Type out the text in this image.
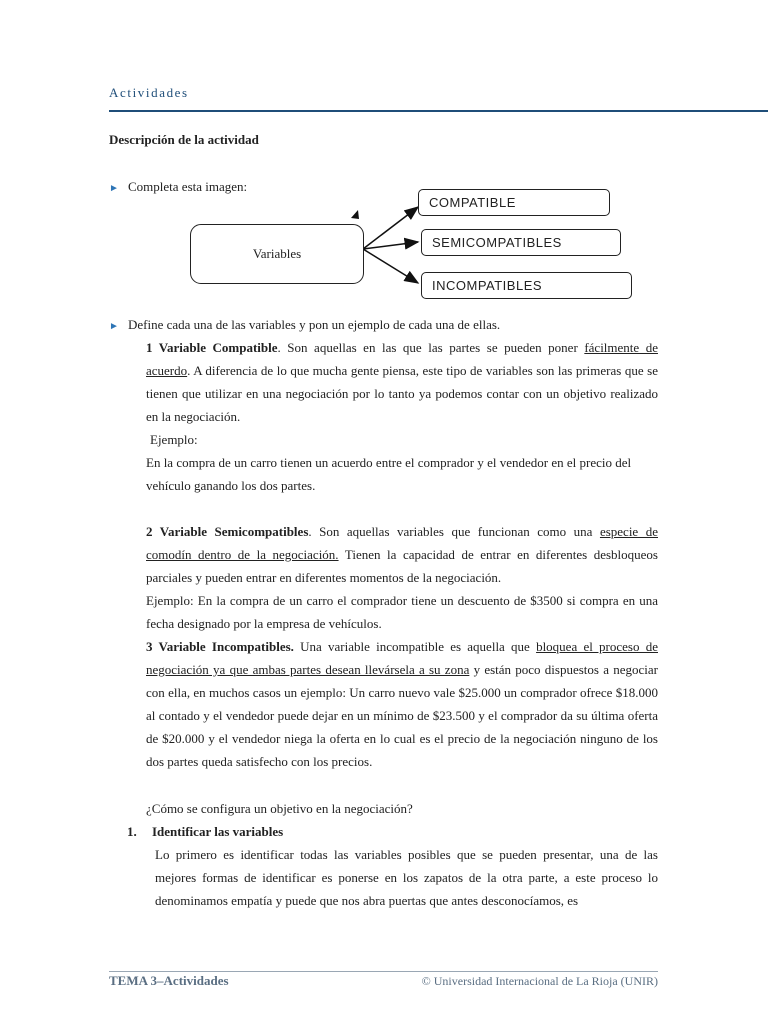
Actividades
Descripción de la actividad
► Completa esta imagen:
Variables
COMPATIBLE
SEMICOMPATIBLES
INCOMPATIBLES
► Define cada una de las variables y pon un ejemplo de cada una de ellas.

1 Variable Compatible. Son aquellas en las que las partes se pueden poner fácilmente de acuerdo. A diferencia de lo que mucha gente piensa, este tipo de variables son las primeras que se tienen que utilizar en una negociación por lo tanto ya podemos contar con un objetivo realizado en la negociación.

Ejemplo:

En la compra de un carro tienen un acuerdo entre el comprador y el vendedor en el precio del vehículo ganando los dos partes.

2 Variable Semicompatibles. Son aquellas variables que funcionan como una especie de comodín dentro de la negociación. Tienen la capacidad de entrar en diferentes desbloqueos parciales y pueden entrar en diferentes momentos de la negociación.

Ejemplo: En la compra de un carro el comprador tiene un descuento de $3500 si compra en una fecha designado por la empresa de vehículos.

3 Variable Incompatibles. Una variable incompatible es aquella que bloquea el proceso de negociación ya que ambas partes desean llevársela a su zona y están poco dispuestos a negociar con ella, en muchos casos un ejemplo: Un carro nuevo vale $25.000 un comprador ofrece $18.000 al contado y el vendedor puede dejar en un mínimo de $23.500 y el comprador da su última oferta de $20.000 y el vendedor niega la oferta en lo cual es el precio de la negociación ninguno de los dos partes queda satisfecho con los precios.

¿Cómo se configura un objetivo en la negociación?
1. Identificar las variables
Lo primero es identificar todas las variables posibles que se pueden presentar, una de las mejores formas de identificar es ponerse en los zapatos de la otra parte, a este proceso lo denominamos empatía y puede que nos abra puertas que antes desconocíamos, es
TEMA 3–Actividades	© Universidad Internacional de La Rioja (UNIR)
